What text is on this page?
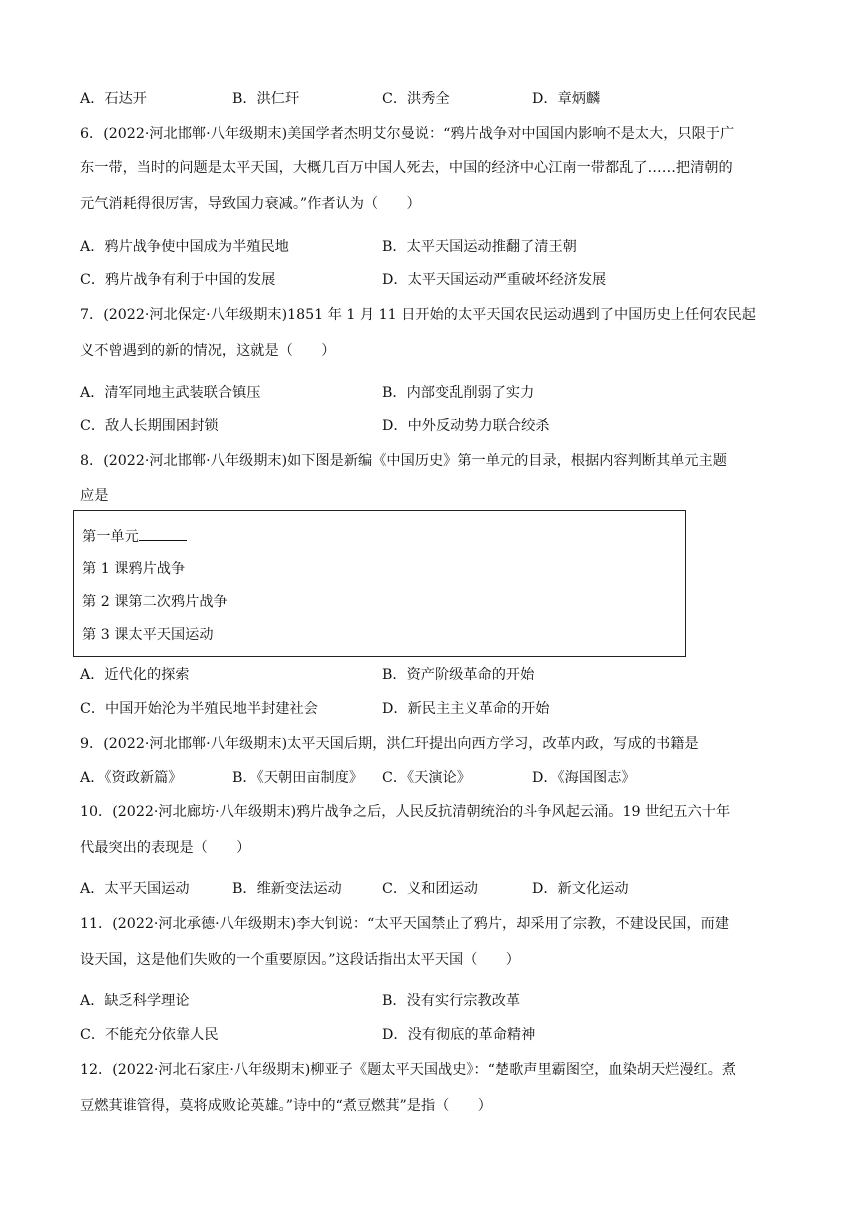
A．石达开	B．洪仁玕	C．洪秀全	D．章炳麟
6．(2022·河北邯郸·八年级期末)美国学者杰明艾尔曼说：“鸦片战争对中国国内影响不是太大，只限于广
东一带，当时的问题是太平天国，大概几百万中国人死去，中国的经济中心江南一带都乱了……把清朝的
元气消耗得很厉害，导致国力衰减。”作者认为（　　）
A．鸦片战争使中国成为半殖民地	B．太平天国运动推翻了清王朝
C．鸦片战争有利于中国的发展	D．太平天国运动严重破坏经济发展
7．(2022·河北保定·八年级期末)1851 年 1 月 11 日开始的太平天国农民运动遇到了中国历史上任何农民起
义不曾遇到的新的情况，这就是（　　）
A．清军同地主武装联合镇压	B．内部变乱削弱了实力
C．敌人长期围困封锁	D．中外反动势力联合绞杀
8．(2022·河北邯郸·八年级期末)如下图是新编《中国历史》第一单元的目录，根据内容判断其单元主题
应是
第一单元
第 1 课鸦片战争
第 2 课第二次鸦片战争
第 3 课太平天国运动
A．近代化的探索	B．资产阶级革命的开始
C．中国开始沦为半殖民地半封建社会	D．新民主主义革命的开始
9．(2022·河北邯郸·八年级期末)太平天国后期，洪仁玕提出向西方学习，改革内政，写成的书籍是
A．《资政新篇》	B．《天朝田亩制度》 C．《天演论》	D．《海国图志》
10．(2022·河北廊坊·八年级期末)鸦片战争之后，人民反抗清朝统治的斗争风起云涌。19 世纪五六十年
代最突出的表现是（　　）
A．太平天国运动	B．维新变法运动	C．义和团运动	D．新文化运动
11．(2022·河北承德·八年级期末)李大钊说：“太平天国禁止了鸦片，却采用了宗教，不建设民国，而建
设天国，这是他们失败的一个重要原因。”这段话指出太平天国（　　）
A．缺乏科学理论	B．没有实行宗教改革
C．不能充分依靠人民	D．没有彻底的革命精神
12．(2022·河北石家庄·八年级期末)柳亚子《题太平天国战史》：“楚歌声里霸图空，血染胡天烂漫红。煮
豆燃萁谁管得，莫将成败论英雄。”诗中的“煮豆燃萁”是指（　　）
